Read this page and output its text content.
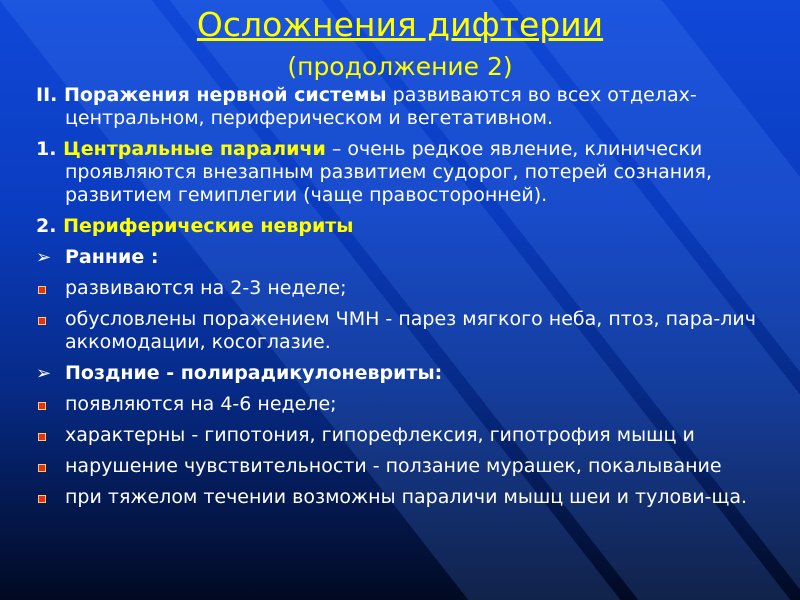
Осложнения дифтерии
(продолжение 2)

II. Поражения нервной системы развиваются во всех отделах- центральном, периферическом и вегетативном.

1. Центральные параличи – очень редкое явление, клинически проявляются внезапным развитием судорог, потерей сознания, развитием гемиплегии (чаще правосторонней).

2. Периферические невриты

➢ Ранние :
развиваются на 2-3 неделе;
обусловлены поражением ЧМН - парез мягкого неба, птоз, пара-лич аккомодации, косоглазие.
➢ Поздние - полирадикулоневриты:
появляются на 4-6 неделе;
характерны - гипотония, гипорефлексия, гипотрофия мышц и
нарушение чувствительности - ползание мурашек, покалывание
при тяжелом течении возможны параличи мышц шеи и тулови-ща.
